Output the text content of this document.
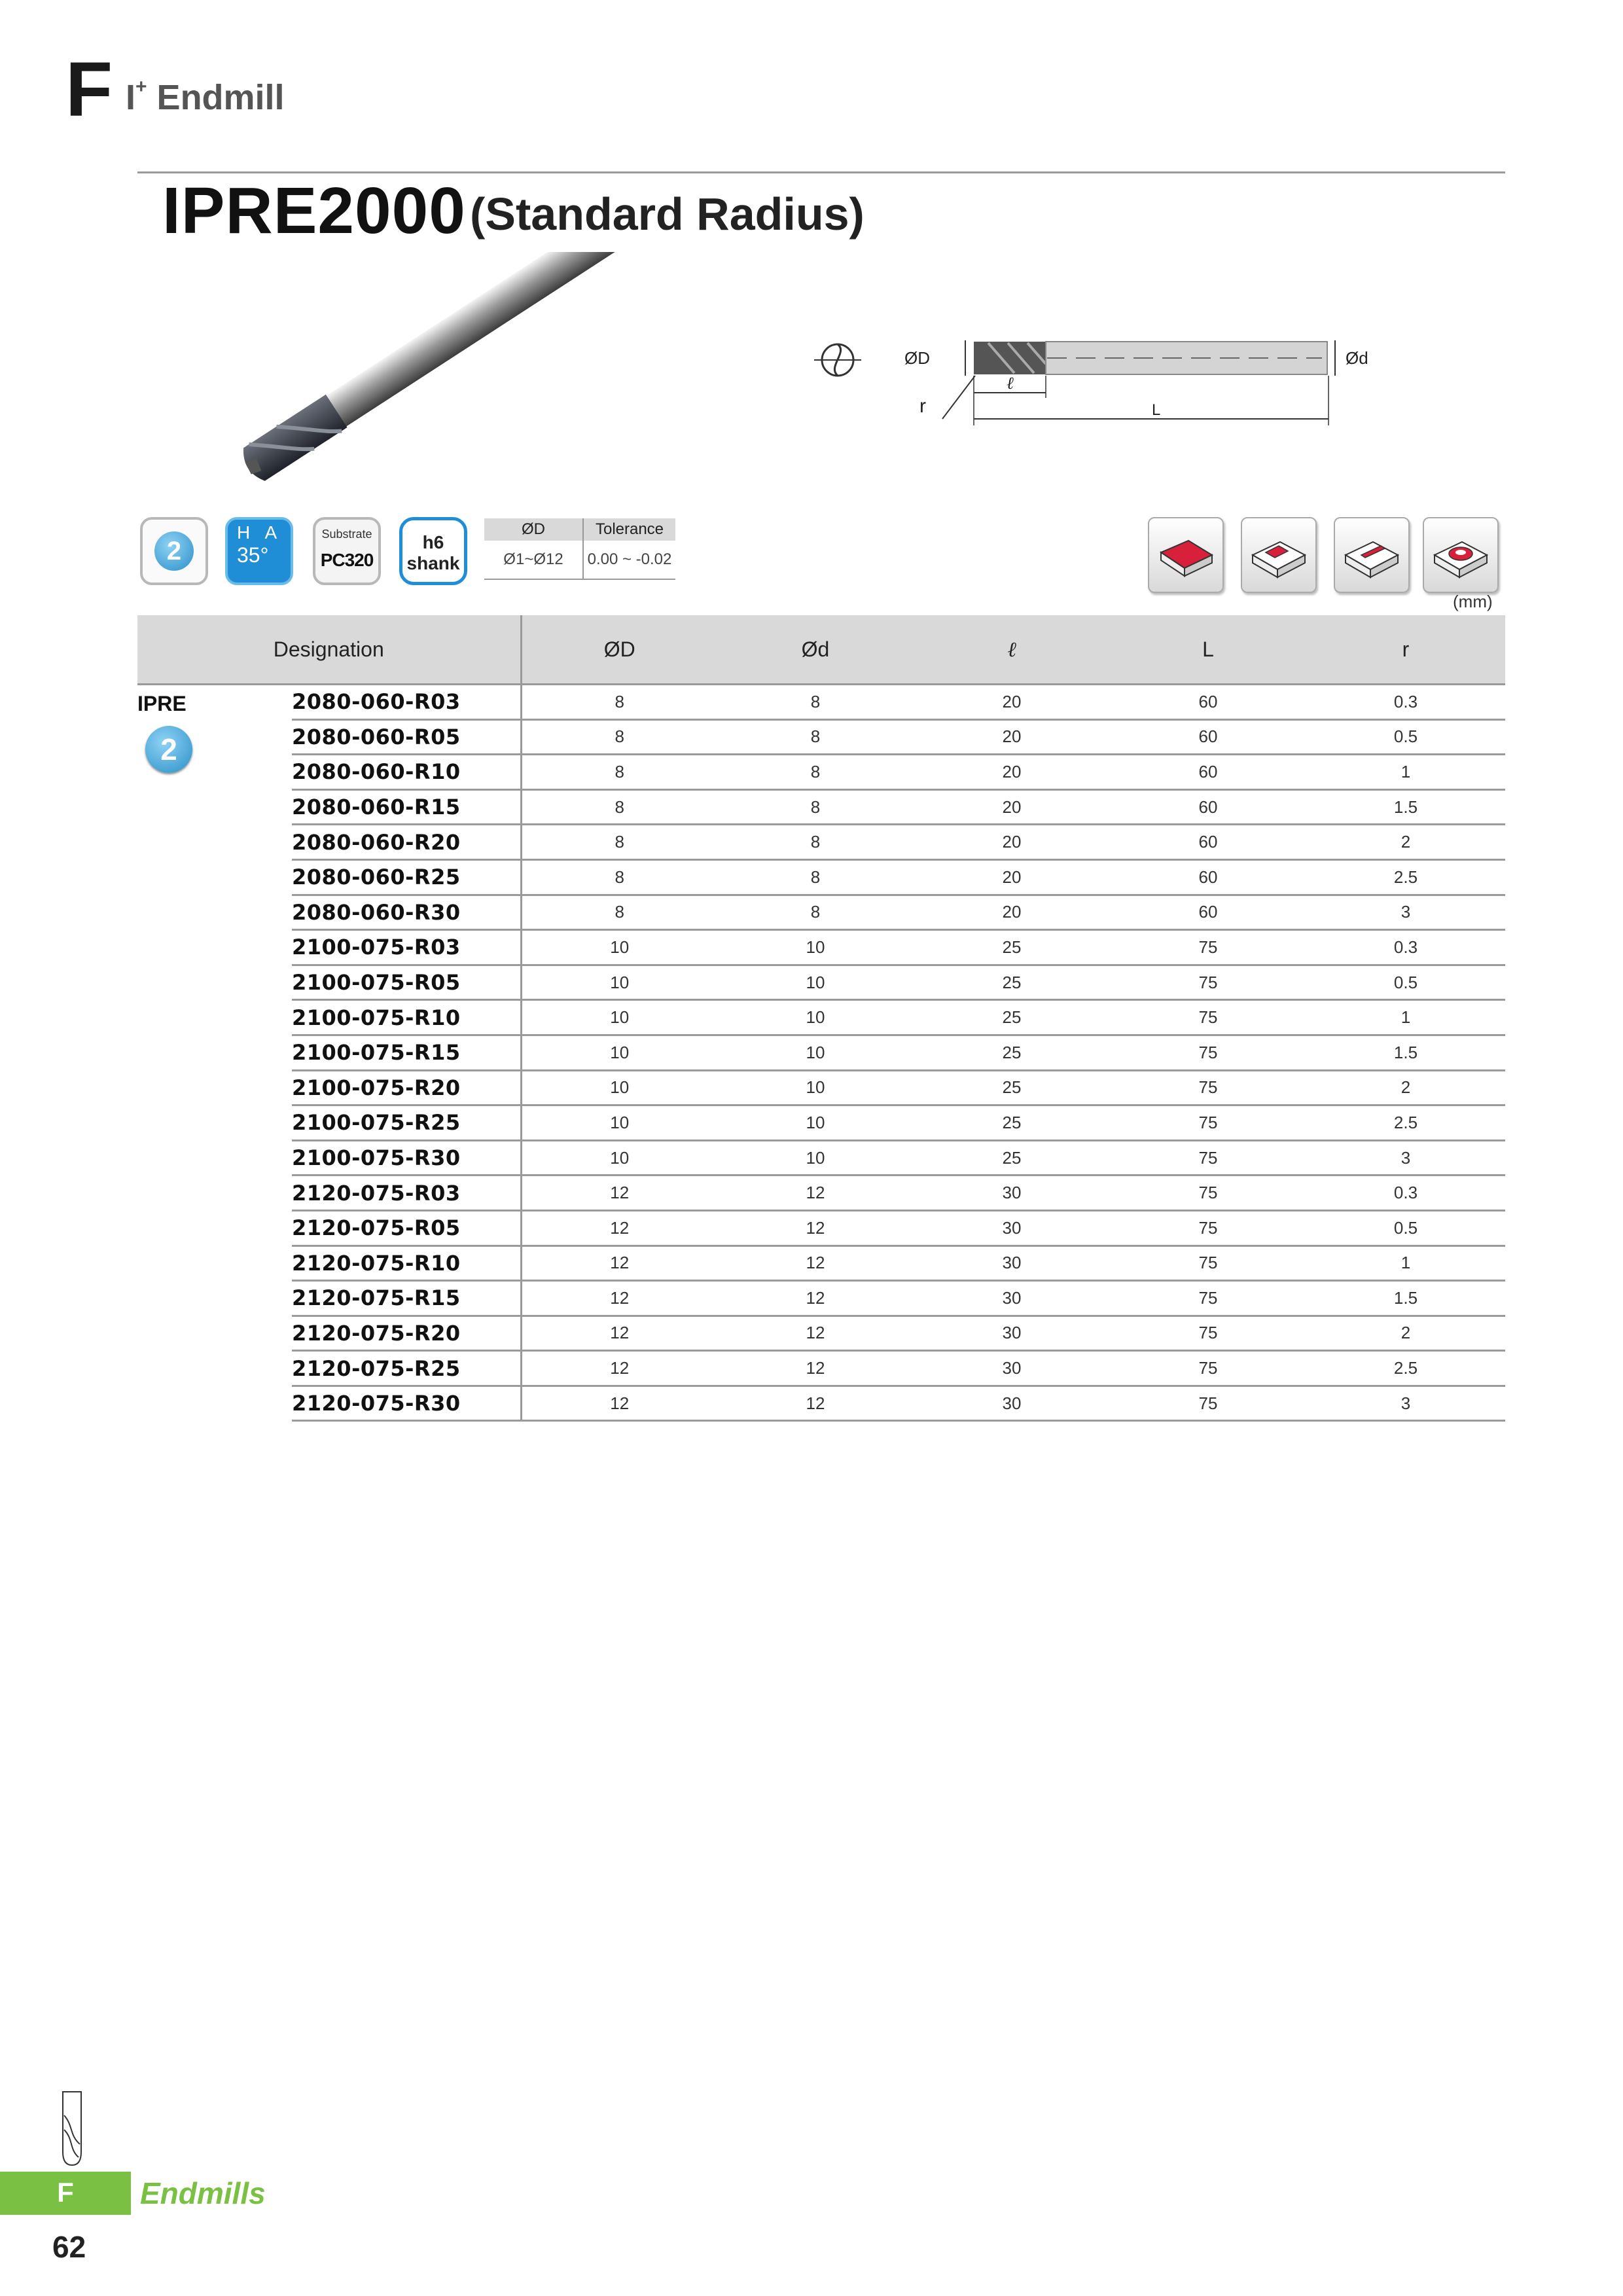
F I+ Endmill
IPRE2000 (Standard Radius)
ØD	Ød
r
ℓ
L
2
H A
35°
Substrate
PC320
h6
shank
ØD	Tolerance
Ø1~Ø12	0.00 ~ -0.02
(mm)
Designation		ØD	Ød	ℓ	L	r

IPRE
2	2080-060-R03	8	8	20	60	0.3
	2080-060-R05	8	8	20	60	0.5
	2080-060-R10	8	8	20	60	1
	2080-060-R15	8	8	20	60	1.5
	2080-060-R20	8	8	20	60	2
	2080-060-R25	8	8	20	60	2.5
	2080-060-R30	8	8	20	60	3
	2100-075-R03	10	10	25	75	0.3
	2100-075-R05	10	10	25	75	0.5
	2100-075-R10	10	10	25	75	1
	2100-075-R15	10	10	25	75	1.5
	2100-075-R20	10	10	25	75	2
	2100-075-R25	10	10	25	75	2.5
	2100-075-R30	10	10	25	75	3
	2120-075-R03	12	12	30	75	0.3
	2120-075-R05	12	12	30	75	0.5
	2120-075-R10	12	12	30	75	1
	2120-075-R15	12	12	30	75	1.5
	2120-075-R20	12	12	30	75	2
	2120-075-R25	12	12	30	75	2.5
	2120-075-R30	12	12	30	75	3
F	Endmills
62
